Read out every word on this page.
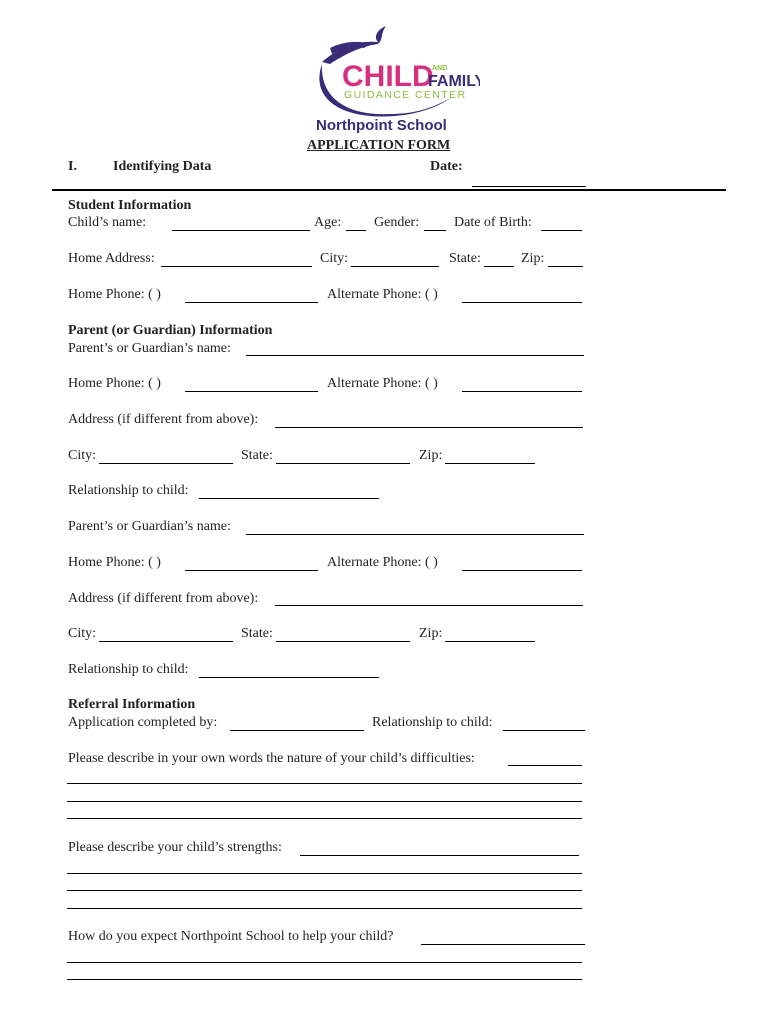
CHILD
AND
FAMILY
GUIDANCE CENTER
Northpoint School
APPLICATION FORM
I.	Identifying Data	Date:
Student Information
Child’s name:	Age: Gender: Date of Birth:
Home Address:	City:	State:	Zip:
Home Phone: ( )	Alternate Phone: ( )
Parent (or Guardian) Information
Parent’s or Guardian’s name:
Home Phone: ( )	Alternate Phone: ( )
Address (if different from above):
City:	State:	Zip:
Relationship to child:
Parent’s or Guardian’s name:
Home Phone: ( )	Alternate Phone: ( )
Address (if different from above):
City:	State:	Zip:
Relationship to child:
Referral Information
Application completed by:	Relationship to child:
Please describe in your own words the nature of your child’s difficulties:
Please describe your child’s strengths:
How do you expect Northpoint School to help your child?
